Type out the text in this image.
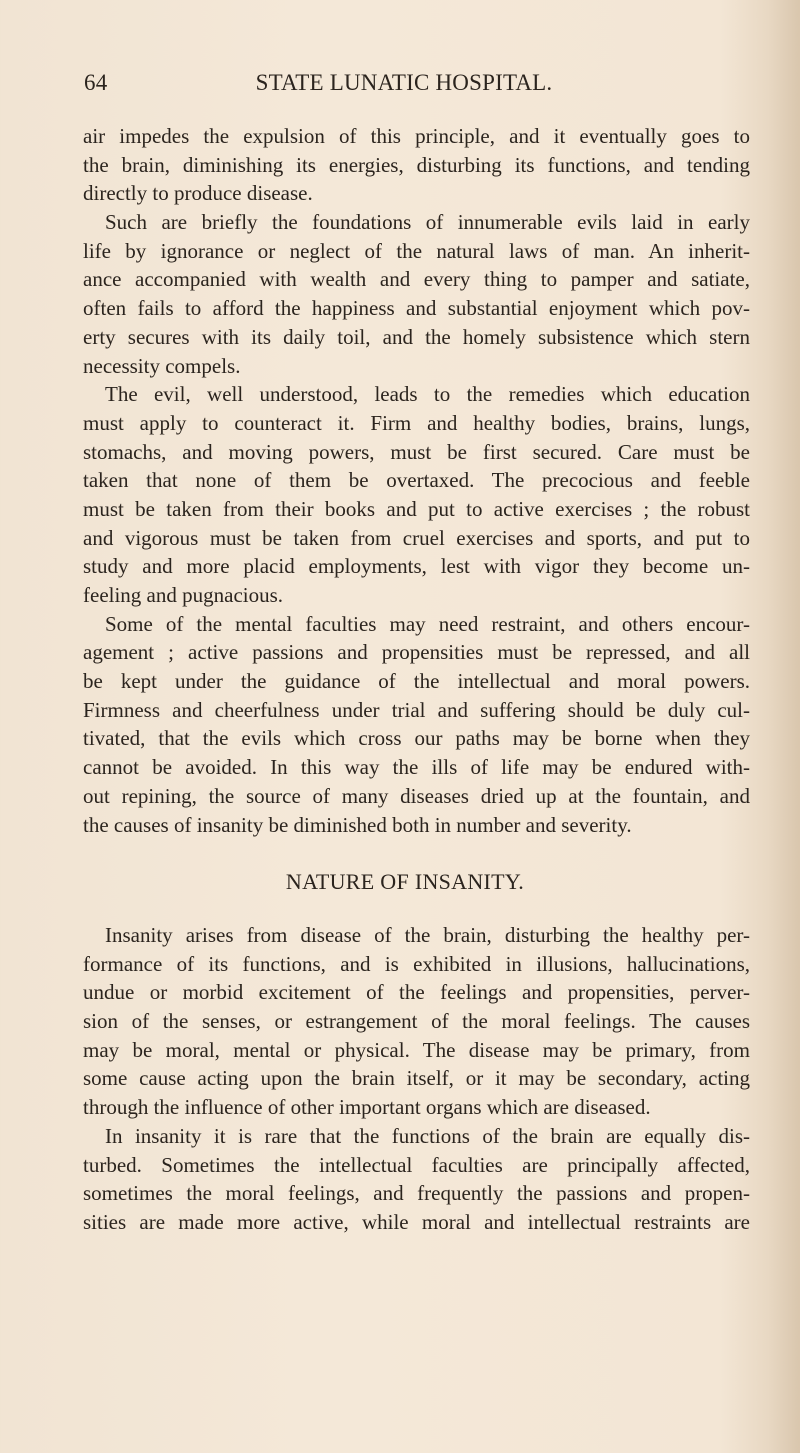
64	STATE LUNATIC HOSPITAL.
air impedes the expulsion of this principle, and it eventually goes to
the brain, diminishing its energies, disturbing its functions, and tending
directly to produce disease.
Such are briefly the foundations of innumerable evils laid in early
life by ignorance or neglect of the natural laws of man. An inherit-
ance accompanied with wealth and every thing to pamper and satiate,
often fails to afford the happiness and substantial enjoyment which pov-
erty secures with its daily toil, and the homely subsistence which stern
necessity compels.
The evil, well understood, leads to the remedies which education
must apply to counteract it. Firm and healthy bodies, brains, lungs,
stomachs, and moving powers, must be first secured. Care must be
taken that none of them be overtaxed. The precocious and feeble
must be taken from their books and put to active exercises ; the robust
and vigorous must be taken from cruel exercises and sports, and put to
study and more placid employments, lest with vigor they become un-
feeling and pugnacious.
Some of the mental faculties may need restraint, and others encour-
agement ; active passions and propensities must be repressed, and all
be kept under the guidance of the intellectual and moral powers.
Firmness and cheerfulness under trial and suffering should be duly cul-
tivated, that the evils which cross our paths may be borne when they
cannot be avoided. In this way the ills of life may be endured with-
out repining, the source of many diseases dried up at the fountain, and
the causes of insanity be diminished both in number and severity.
NATURE OF INSANITY.
Insanity arises from disease of the brain, disturbing the healthy per-
formance of its functions, and is exhibited in illusions, hallucinations,
undue or morbid excitement of the feelings and propensities, perver-
sion of the senses, or estrangement of the moral feelings. The causes
may be moral, mental or physical. The disease may be primary, from
some cause acting upon the brain itself, or it may be secondary, acting
through the influence of other important organs which are diseased.
In insanity it is rare that the functions of the brain are equally dis-
turbed. Sometimes the intellectual faculties are principally affected,
sometimes the moral feelings, and frequently the passions and propen-
sities are made more active, while moral and intellectual restraints are
